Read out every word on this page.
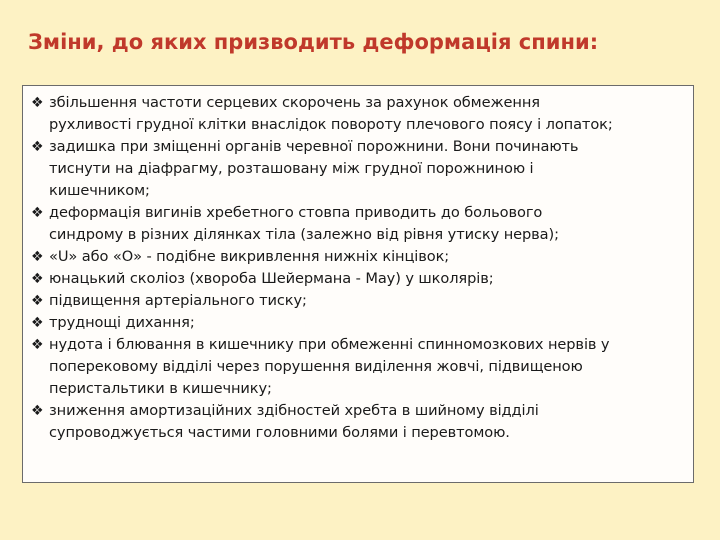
Зміни, до яких призводить деформація спини:
❖ збільшення частоти серцевих скорочень за рахунок обмеження
рухливості грудної клітки внаслідок повороту плечового поясу і лопаток;
❖ задишка при зміщенні органів черевної порожнини. Вони починають
тиснути на діафрагму, розташовану між грудної порожниною і
кишечником;
❖ деформація вигинів хребетного стовпа приводить до больового
синдрому в різних ділянках тіла (залежно від рівня утиску нерва);
❖ «U» або «O» - подібне викривлення нижніх кінцівок;
❖ юнацький сколіоз (хвороба Шейермана - Мау) у школярів;
❖ підвищення артеріального тиску;
❖ труднощі дихання;
❖ нудота і блювання в кишечнику при обмеженні спинномозкових нервів у
поперековому відділі через порушення виділення жовчі, підвищеною
перистальтики в кишечнику;
❖ зниження амортизаційних здібностей хребта в шийному відділі
супроводжується частими головними болями і перевтомою.
